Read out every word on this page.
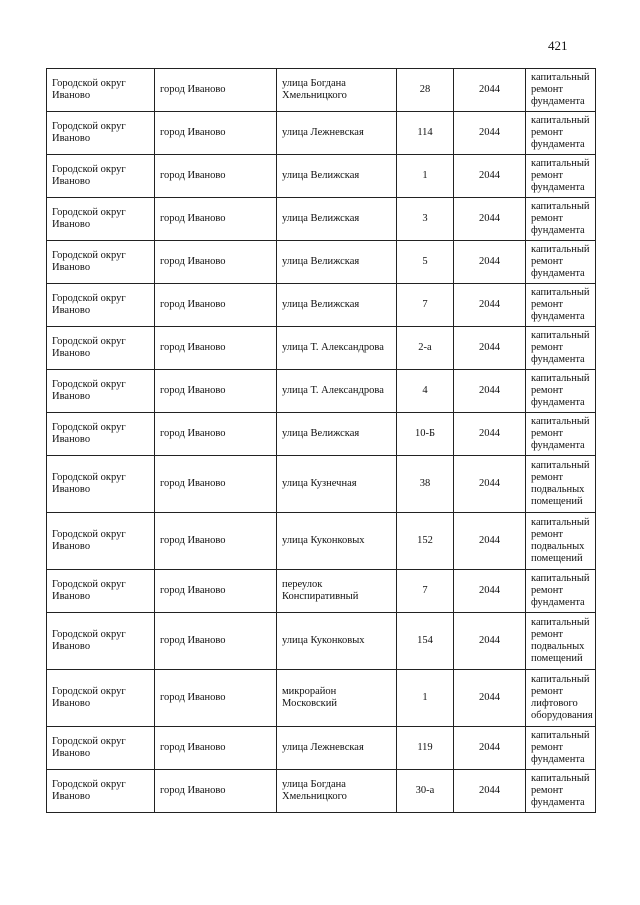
421
Городской округ Иваново	город Иваново	улица Богдана Хмельницкого	28	2044	капитальный ремонт фундамента
Городской округ Иваново	город Иваново	улица Лежневская	114	2044	капитальный ремонт фундамента
Городской округ Иваново	город Иваново	улица Велижская	1	2044	капитальный ремонт фундамента
Городской округ Иваново	город Иваново	улица Велижская	3	2044	капитальный ремонт фундамента
Городской округ Иваново	город Иваново	улица Велижская	5	2044	капитальный ремонт фундамента
Городской округ Иваново	город Иваново	улица Велижская	7	2044	капитальный ремонт фундамента
Городской округ Иваново	город Иваново	улица Т. Александрова	2-а	2044	капитальный ремонт фундамента
Городской округ Иваново	город Иваново	улица Т. Александрова	4	2044	капитальный ремонт фундамента
Городской округ Иваново	город Иваново	улица Велижская	10-Б	2044	капитальный ремонт фундамента
Городской округ Иваново	город Иваново	улица Кузнечная	38	2044	капитальный ремонт подвальных помещений
Городской округ Иваново	город Иваново	улица Куконковых	152	2044	капитальный ремонт подвальных помещений
Городской округ Иваново	город Иваново	переулок Конспиративный	7	2044	капитальный ремонт фундамента
Городской округ Иваново	город Иваново	улица Куконковых	154	2044	капитальный ремонт подвальных помещений
Городской округ Иваново	город Иваново	микрорайон Московский	1	2044	капитальный ремонт лифтового оборудования
Городской округ Иваново	город Иваново	улица Лежневская	119	2044	капитальный ремонт фундамента
Городской округ Иваново	город Иваново	улица Богдана Хмельницкого	30-а	2044	капитальный ремонт фундамента
